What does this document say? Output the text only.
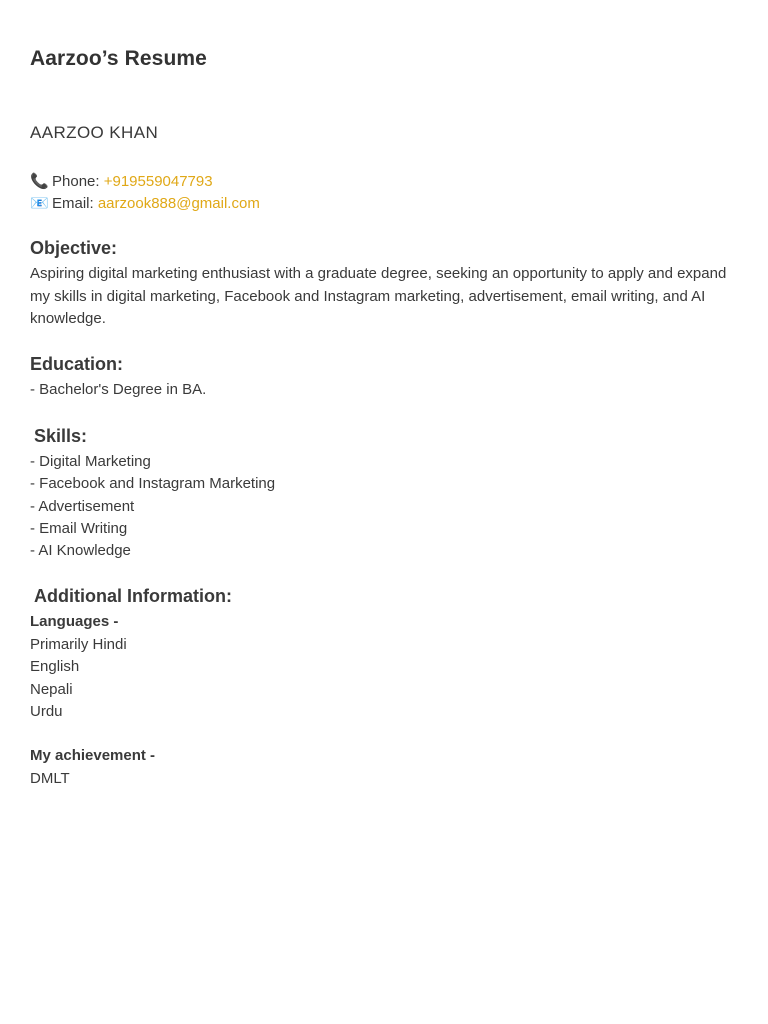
Aarzoo’s Resume
AARZOO KHAN
📞 Phone: +919559047793
📧 Email: aarzook888@gmail.com
Objective:
Aspiring digital marketing enthusiast with a graduate degree, seeking an opportunity to apply and expand my skills in digital marketing, Facebook and Instagram marketing, advertisement, email writing, and AI knowledge.
Education:
- Bachelor's Degree in BA.
Skills:
- Digital Marketing
- Facebook and Instagram Marketing
- Advertisement
- Email Writing
- AI Knowledge
Additional Information:
Languages -
Primarily Hindi
English
Nepali
Urdu
My achievement -
DMLT
